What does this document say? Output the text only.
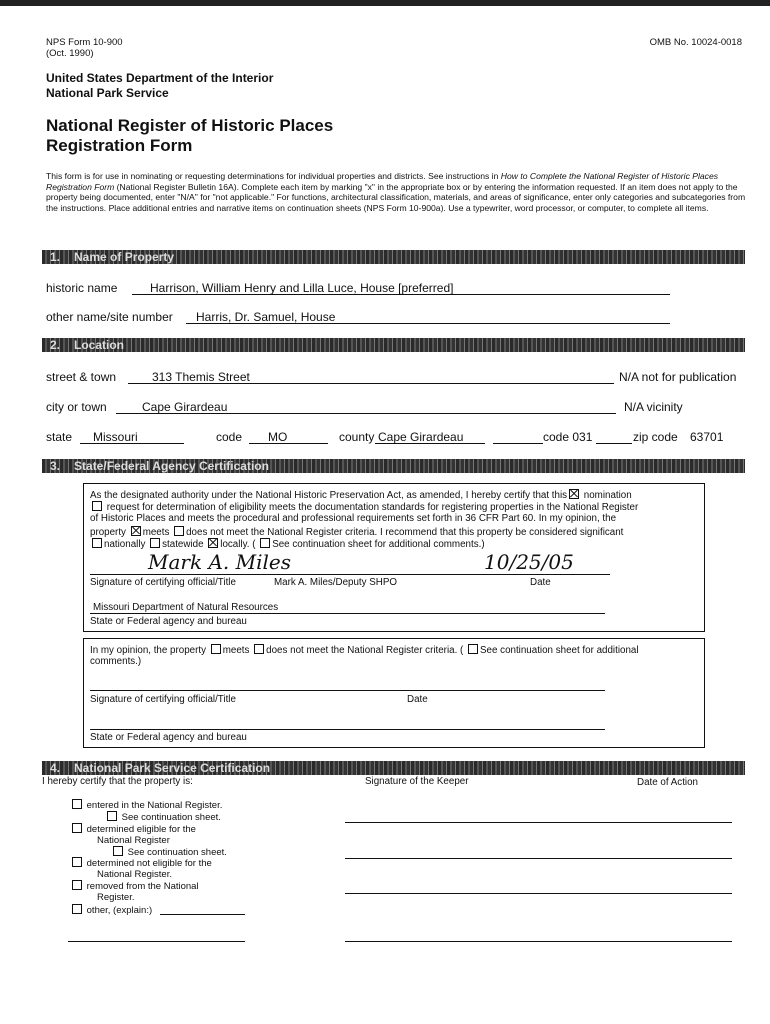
NPS Form 10-900
(Oct. 1990)
OMB No. 10024-0018
United States Department of the Interior
National Park Service
National Register of Historic Places
Registration Form
This form is for use in nominating or requesting determinations for individual properties and districts. See instructions in How to Complete the National Register of Historic Places Registration Form (National Register Bulletin 16A). Complete each item by marking "x" in the appropriate box or by entering the information requested. If an item does not apply to the property being documented, enter "N/A" for "not applicable." For functions, architectural classification, materials, and areas of significance, enter only categories and subcategories from the instructions. Place additional entries and narrative items on continuation sheets (NPS Form 10-900a). Use a typewriter, word processor, or computer, to complete all items.
1. Name of Property
historic name	Harrison, William Henry and Lilla Luce, House [preferred]
other name/site number Harris, Dr. Samuel, House
2. Location
street & town	313 Themis Street	N/A not for publication
city or town	Cape Girardeau	N/A vicinity
state Missouri	code MO	county Cape Girardeau	code 031	zip code 63701
3. State/Federal Agency Certification
As the designated authority under the National Historic Preservation Act, as amended, I hereby certify that this nomination
request for determination of eligibility meets the documentation standards for registering properties in the National Register
of Historic Places and meets the procedural and professional requirements set forth in 36 CFR Part 60. In my opinion, the
property meets does not meet the National Register criteria. I recommend that this property be considered significant
nationally statewide locally. ( See continuation sheet for additional comments.)
Mark A. Miles	10/25/05
Signature of certifying official/Title	Mark A. Miles/Deputy SHPO	Date
Missouri Department of Natural Resources
State or Federal agency and bureau
In my opinion, the property meets does not meet the National Register criteria. ( See continuation sheet for additional
comments.)
Signature of certifying official/Title	Date
State or Federal agency and bureau
4. National Park Service Certification
I hereby certify that the property is:	Signature of the Keeper	Date of Action
entered in the National Register.
See continuation sheet.
determined eligible for the
National Register
See continuation sheet.
determined not eligible for the
National Register.
removed from the National
Register.
other, (explain:)
